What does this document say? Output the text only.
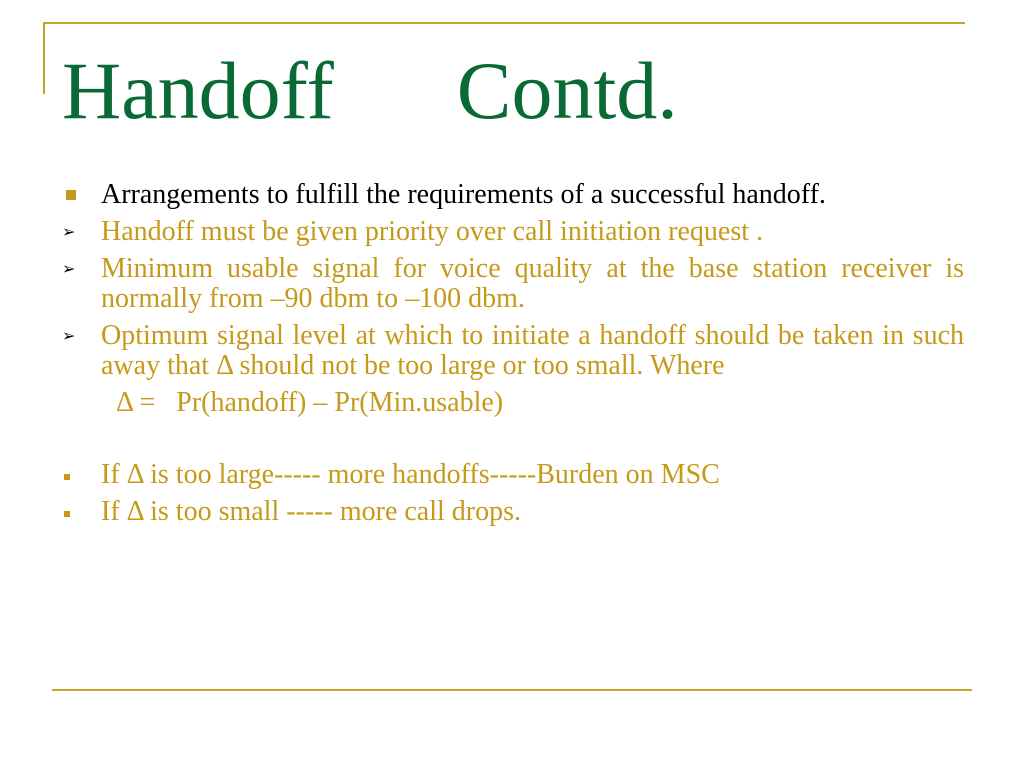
Handoff      Contd.
Arrangements to fulfill the requirements of a successful handoff.
➢ Handoff must be given priority over call initiation request .
➢ Minimum usable signal for voice quality at the base station receiver is normally from –90 dbm to –100 dbm.
➢ Optimum signal level at which to initiate a handoff should be taken in such away that Δ should not be too large or too small. Where
Δ =   Pr(handoff) – Pr(Min.usable)
If Δ is too large----- more handoffs-----Burden on MSC
If Δ is too small ----- more call drops.
